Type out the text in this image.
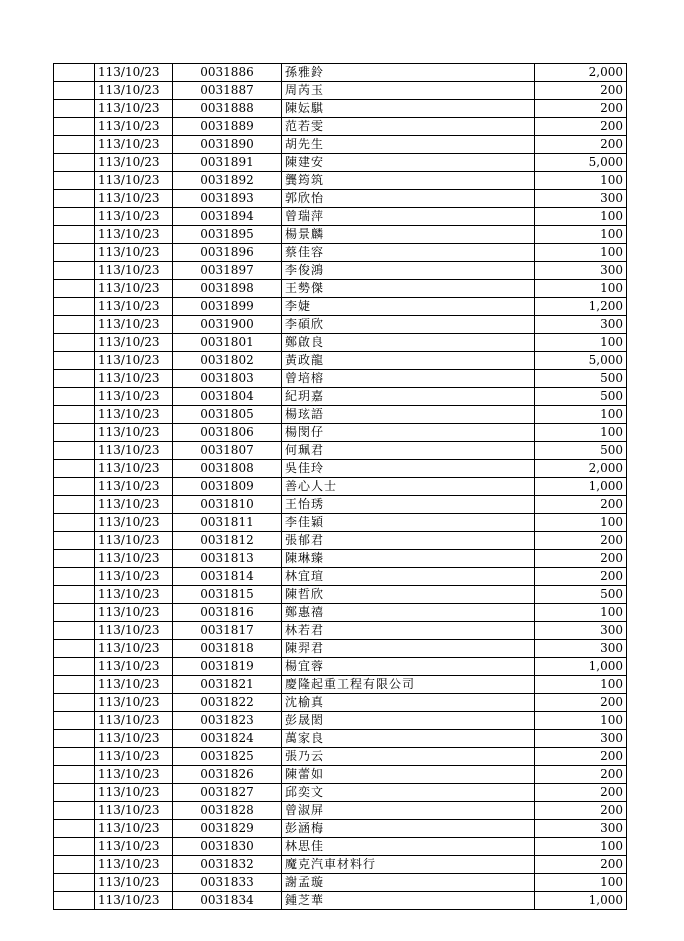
	113/10/23	0031886	孫雅鈴	2,000
	113/10/23	0031887	周芮玉	200
	113/10/23	0031888	陳妘騏	200
	113/10/23	0031889	范若雯	200
	113/10/23	0031890	胡先生	200
	113/10/23	0031891	陳建安	5,000
	113/10/23	0031892	龔筠筑	100
	113/10/23	0031893	郭欣怡	300
	113/10/23	0031894	曾瑞萍	100
	113/10/23	0031895	楊景麟	100
	113/10/23	0031896	蔡佳容	100
	113/10/23	0031897	李俊鴻	300
	113/10/23	0031898	王勢傑	100
	113/10/23	0031899	李婕	1,200
	113/10/23	0031900	李碩欣	300
	113/10/23	0031801	鄭啟良	100
	113/10/23	0031802	黃政龍	5,000
	113/10/23	0031803	曾培榕	500
	113/10/23	0031804	紀玥嘉	500
	113/10/23	0031805	楊玹語	100
	113/10/23	0031806	楊閔仔	100
	113/10/23	0031807	何珮君	500
	113/10/23	0031808	吳佳玲	2,000
	113/10/23	0031809	善心人士	1,000
	113/10/23	0031810	王怡琇	200
	113/10/23	0031811	李佳穎	100
	113/10/23	0031812	張郁君	200
	113/10/23	0031813	陳琳臻	200
	113/10/23	0031814	林宜瑄	200
	113/10/23	0031815	陳哲欣	500
	113/10/23	0031816	鄭惠禧	100
	113/10/23	0031817	林若君	300
	113/10/23	0031818	陳羿君	300
	113/10/23	0031819	楊宜蓉	1,000
	113/10/23	0031821	慶隆起重工程有限公司	100
	113/10/23	0031822	沈榆真	200
	113/10/23	0031823	彭晟閎	100
	113/10/23	0031824	萬家良	300
	113/10/23	0031825	張乃云	200
	113/10/23	0031826	陳蕾如	200
	113/10/23	0031827	邱奕文	200
	113/10/23	0031828	曾淑屏	200
	113/10/23	0031829	彭涵梅	300
	113/10/23	0031830	林思佳	100
	113/10/23	0031832	魔克汽車材料行	200
	113/10/23	0031833	謝孟璇	100
	113/10/23	0031834	鍾芝華	1,000
